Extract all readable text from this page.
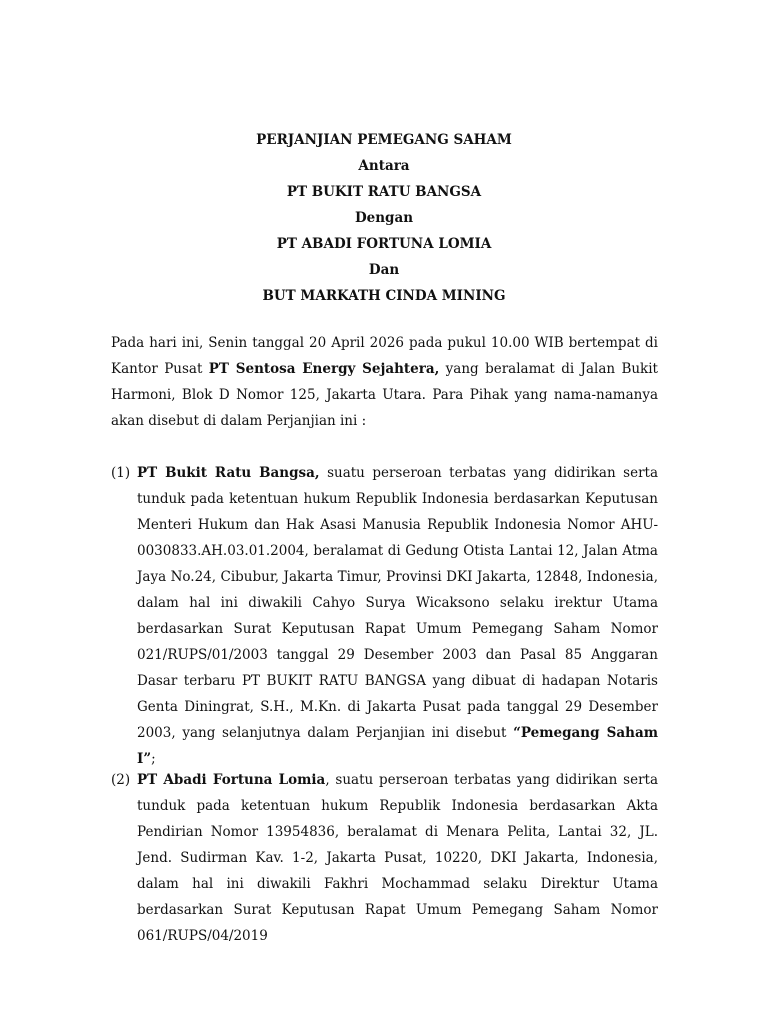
PERJANJIAN PEMEGANG SAHAM
Antara
PT BUKIT RATU BANGSA
Dengan
PT ABADI FORTUNA LOMIA
Dan
BUT MARKATH CINDA MINING
Pada hari ini, Senin tanggal 20 April 2026 pada pukul 10.00 WIB bertempat di Kantor Pusat PT Sentosa Energy Sejahtera, yang beralamat di Jalan Bukit Harmoni, Blok D Nomor 125, Jakarta Utara. Para Pihak yang nama-namanya akan disebut di dalam Perjanjian ini :
(1) PT Bukit Ratu Bangsa, suatu perseroan terbatas yang didirikan serta tunduk pada ketentuan hukum Republik Indonesia berdasarkan Keputusan Menteri Hukum dan Hak Asasi Manusia Republik Indonesia Nomor AHU-0030833.AH.03.01.2004, beralamat di Gedung Otista Lantai 12, Jalan Atma Jaya No.24, Cibubur, Jakarta Timur, Provinsi DKI Jakarta, 12848, Indonesia, dalam hal ini diwakili Cahyo Surya Wicaksono selaku irektur Utama berdasarkan Surat Keputusan Rapat Umum Pemegang Saham Nomor 021/RUPS/01/2003 tanggal 29 Desember 2003 dan Pasal 85 Anggaran Dasar terbaru PT BUKIT RATU BANGSA yang dibuat di hadapan Notaris Genta Diningrat, S.H., M.Kn. di Jakarta Pusat pada tanggal 29 Desember 2003, yang selanjutnya dalam Perjanjian ini disebut “Pemegang Saham I”;
(2) PT Abadi Fortuna Lomia, suatu perseroan terbatas yang didirikan serta tunduk pada ketentuan hukum Republik Indonesia berdasarkan Akta Pendirian Nomor 13954836, beralamat di Menara Pelita, Lantai 32, JL. Jend. Sudirman Kav. 1-2, Jakarta Pusat, 10220, DKI Jakarta, Indonesia, dalam hal ini diwakili Fakhri Mochammad selaku Direktur Utama berdasarkan Surat Keputusan Rapat Umum Pemegang Saham Nomor 061/RUPS/04/2019
